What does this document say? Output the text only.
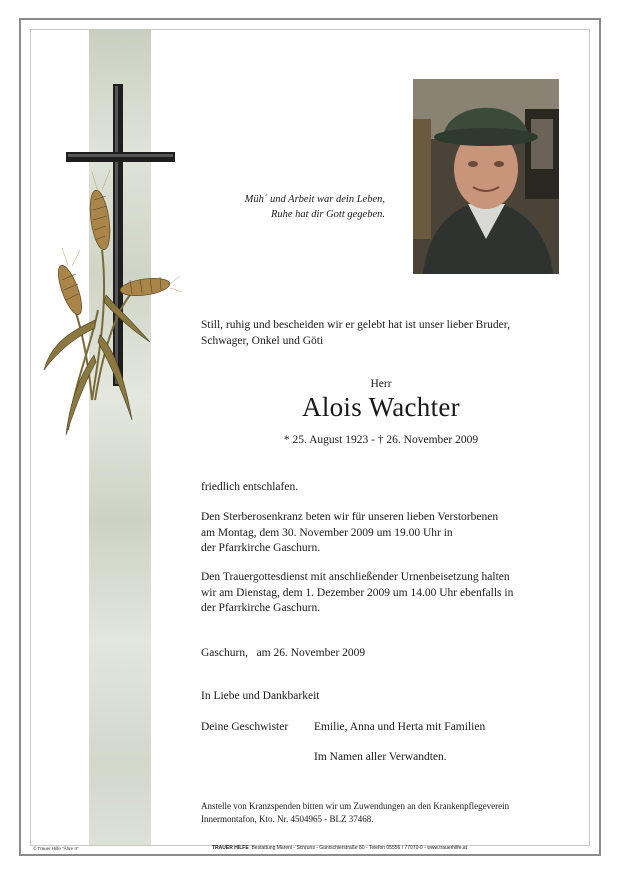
Müh´ und Arbeit war dein Leben,
Ruhe hat dir Gott gegeben.
Still, ruhig und bescheiden wir er gelebt hat ist unser lieber Bruder,
Schwager, Onkel und Göti
Herr
Alois Wachter
* 25. August 1923 - † 26. November 2009
friedlich entschlafen.
Den Sterberosenkranz beten wir für unseren lieben Verstorbenen
am Montag, dem 30. November 2009 um 19.00 Uhr in
der Pfarrkirche Gaschurn.
Den Trauergottesdienst mit anschließender Urnenbeisetzung halten
wir am Dienstag, dem 1. Dezember 2009 um 14.00 Uhr ebenfalls in
der Pfarrkirche Gaschurn.
Gaschurn,   am 26. November 2009
In Liebe und Dankbarkeit
Deine Geschwister Emilie, Anna und Herta mit Familien
Im Namen aller Verwandten.
Anstelle von Kranzspenden bitten wir um Zuwendungen an den Krankenpflegeverein
Innermontafon, Kto. Nr. 4504965 - BLZ 37468.
© Trauer Hilfe "Ähre II"	TRAUER HILFE  Bestattung Mareni - Schruns - Gantschierstraße 80 - Telefon 05556 / 77070-0 - www.trauerhilfe.at
